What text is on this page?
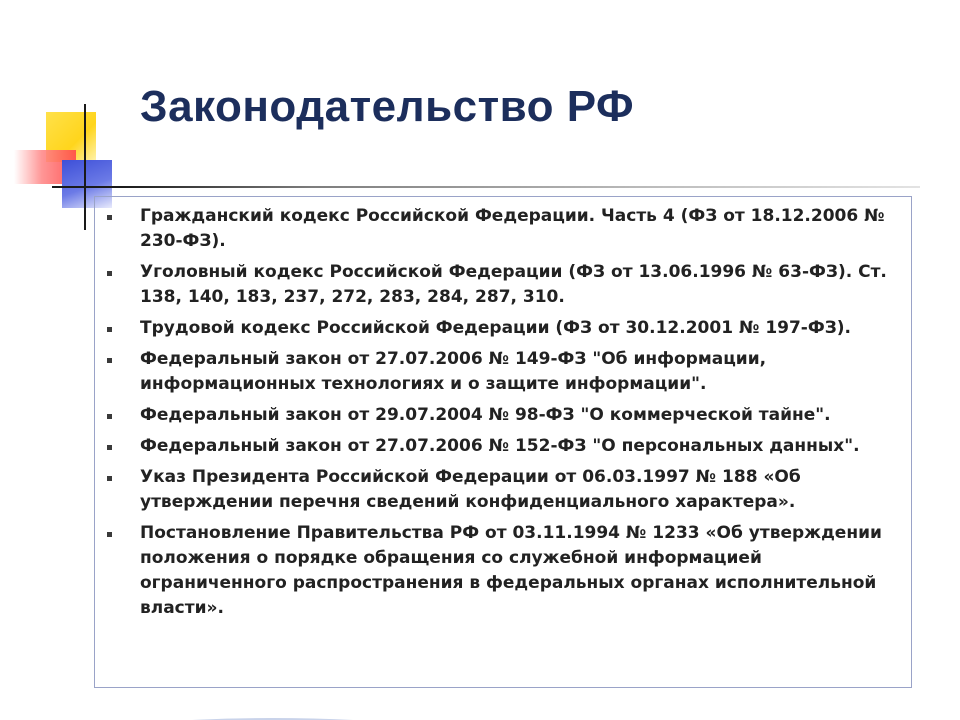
Законодательство РФ
Гражданский кодекс Российской Федерации. Часть 4 (ФЗ от 18.12.2006 № 230-ФЗ).
Уголовный кодекс Российской Федерации (ФЗ от 13.06.1996 № 63-ФЗ). Ст. 138, 140, 183, 237, 272, 283, 284, 287, 310.
Трудовой кодекс Российской Федерации (ФЗ от 30.12.2001 № 197-ФЗ).
Федеральный закон от 27.07.2006 № 149-ФЗ "Об информации, информационных технологиях и о защите информации".
Федеральный закон от 29.07.2004 № 98-ФЗ "О коммерческой тайне".
Федеральный закон от 27.07.2006 № 152-ФЗ "О персональных данных".
Указ Президента Российской Федерации от 06.03.1997 № 188 «Об утверждении перечня сведений конфиденциального характера».
Постановление Правительства РФ от 03.11.1994 № 1233 «Об утверждении положения о порядке обращения со служебной информацией ограниченного распространения в федеральных органах исполнительной власти».
